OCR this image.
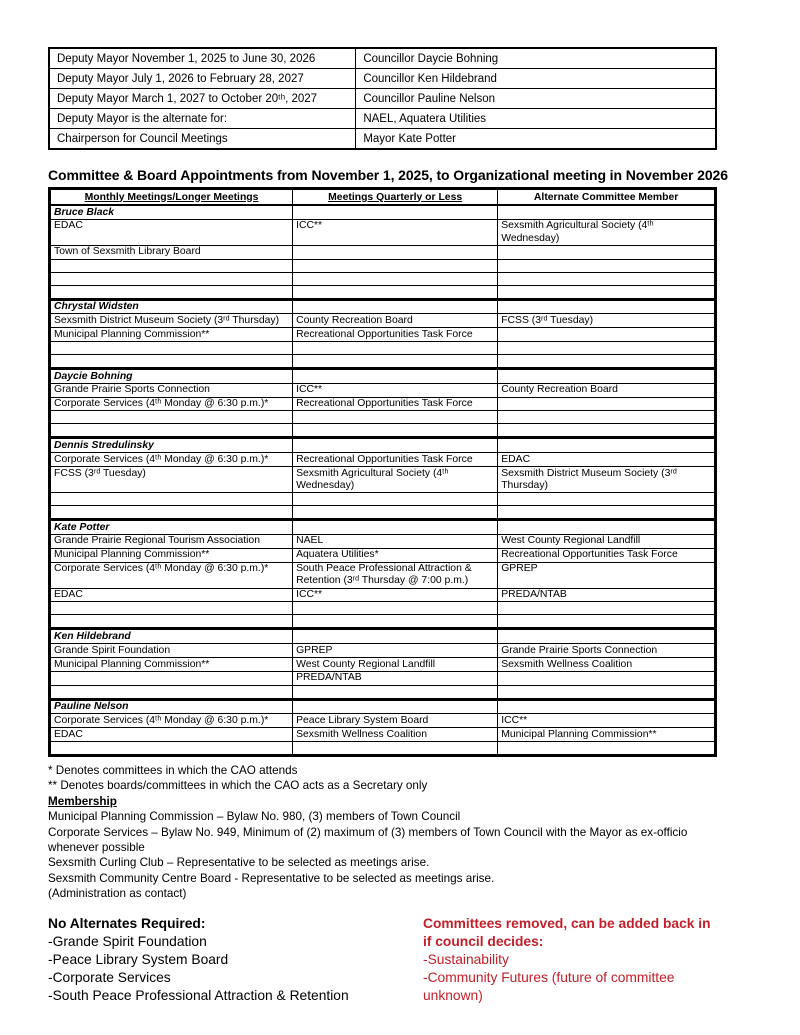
Deputy Mayor November 1, 2025 to June 30, 2026	Councillor Daycie Bohning
Deputy Mayor July 1, 2026 to February 28, 2027	Councillor Ken Hildebrand
Deputy Mayor March 1, 2027 to October 20ᵗʰ, 2027	Councillor Pauline Nelson
Deputy Mayor is the alternate for:	NAEL, Aquatera Utilities
Chairperson for Council Meetings	Mayor Kate Potter
Committee & Board Appointments from November 1, 2025, to Organizational meeting in November 2026
Monthly Meetings/Longer Meetings	Meetings Quarterly or Less	Alternate Committee Member
Bruce Black		
EDAC	ICC**	Sexsmith Agricultural Society (4ᵗʰ Wednesday)
Town of Sexsmith Library Board		

Chrystal Widsten		
Sexsmith District Museum Society (3ʳᵈ Thursday)	County Recreation Board	FCSS (3ʳᵈ Tuesday)
Municipal Planning Commission**	Recreational Opportunities Task Force	

Daycie Bohning		
Grande Prairie Sports Connection	ICC**	County Recreation Board
Corporate Services (4ᵗʰ Monday @ 6:30 p.m.)*	Recreational Opportunities Task Force	

Dennis Stredulinsky		
Corporate Services (4ᵗʰ Monday @ 6:30 p.m.)*	Recreational Opportunities Task Force	EDAC
FCSS (3ʳᵈ Tuesday)	Sexsmith Agricultural Society (4ᵗʰ Wednesday)	Sexsmith District Museum Society (3ʳᵈ Thursday)

Kate Potter		
Grande Prairie Regional Tourism Association	NAEL	West County Regional Landfill
Municipal Planning Commission**	Aquatera Utilities*	Recreational Opportunities Task Force
Corporate Services (4ᵗʰ Monday @ 6:30 p.m.)*	South Peace Professional Attraction & Retention (3ʳᵈ Thursday @ 7:00 p.m.)	GPREP
EDAC	ICC**	PREDA/NTAB

Ken Hildebrand		
Grande Spirit Foundation	GPREP	Grande Prairie Sports Connection
Municipal Planning Commission**	West County Regional Landfill	Sexsmith Wellness Coalition
	PREDA/NTAB	

Pauline Nelson		
Corporate Services (4ᵗʰ Monday @ 6:30 p.m.)*	Peace Library System Board	ICC**
EDAC	Sexsmith Wellness Coalition	Municipal Planning Commission**

* Denotes committees in which the CAO attends
** Denotes boards/committees in which the CAO acts as a Secretary only
Membership
Municipal Planning Commission – Bylaw No. 980, (3) members of Town Council
Corporate Services – Bylaw No. 949, Minimum of (2) maximum of (3) members of Town Council with the Mayor as ex-officio whenever possible
Sexsmith Curling Club – Representative to be selected as meetings arise.
Sexsmith Community Centre Board - Representative to be selected as meetings arise.
(Administration as contact)
No Alternates Required:
-Grande Spirit Foundation
-Peace Library System Board
-Corporate Services
-South Peace Professional Attraction & Retention
Committees removed, can be added back in if council decides:
-Sustainability
-Community Futures (future of committee unknown)
